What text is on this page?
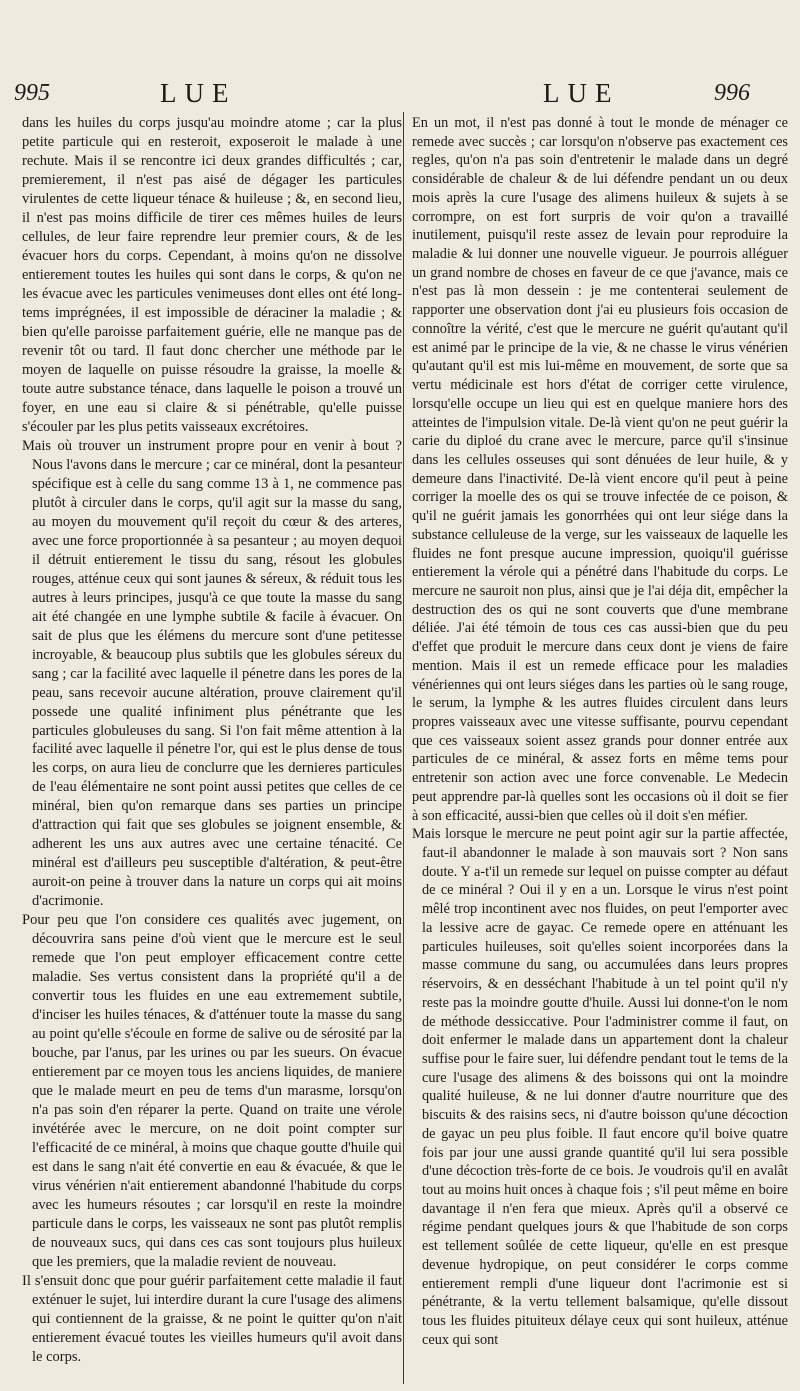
995	LUE	LUE	996

dans les huiles du corps jusqu'au moindre atome ; car la plus petite particule qui en resteroit, exposeroit le malade à une rechute. Mais il se rencontre ici deux grandes difficultés ; car, premierement, il n'est pas aisé de dégager les particules virulentes de cette liqueur ténace & huileuse ; &, en second lieu, il n'est pas moins difficile de tirer ces mêmes huiles de leurs cellules, de leur faire reprendre leur premier cours, & de les évacuer hors du corps. Cependant, à moins qu'on ne dissolve entierement toutes les huiles qui sont dans le corps, & qu'on ne les évacue avec les particules venimeuses dont elles ont été long-tems imprégnées, il est impossible de déraciner la maladie ; & bien qu'elle paroisse parfaitement guérie, elle ne manque pas de revenir tôt ou tard. Il faut donc chercher une méthode par le moyen de laquelle on puisse résoudre la graisse, la moelle & toute autre substance ténace, dans laquelle le poison a trouvé un foyer, en une eau si claire & si pénétrable, qu'elle puisse s'écouler par les plus petits vaisseaux excrétoires.

Mais où trouver un instrument propre pour en venir à bout ? Nous l'avons dans le mercure ; car ce minéral, dont la pesanteur spécifique est à celle du sang comme 13 à 1, ne commence pas plutôt à circuler dans le corps, qu'il agit sur la masse du sang, au moyen du mouvement qu'il reçoit du cœur & des arteres, avec une force proportionnée à sa pesanteur ; au moyen dequoi il détruit entierement le tissu du sang, résout les globules rouges, atténue ceux qui sont jaunes & séreux, & réduit tous les autres à leurs principes, jusqu'à ce que toute la masse du sang ait été changée en une lymphe subtile & facile à évacuer. On sait de plus que les élémens du mercure sont d'une petitesse incroyable, & beaucoup plus subtils que les globules séreux du sang ; car la facilité avec laquelle il pénetre dans les pores de la peau, sans recevoir aucune altération, prouve clairement qu'il possede une qualité infiniment plus pénétrante que les particules globuleuses du sang. Si l'on fait même attention à la facilité avec laquelle il pénetre l'or, qui est le plus dense de tous les corps, on aura lieu de conclurre que les dernieres particules de l'eau élémentaire ne sont point aussi petites que celles de ce minéral, bien qu'on remarque dans ses parties un principe d'attraction qui fait que ses globules se joignent ensemble, & adherent les uns aux autres avec une certaine ténacité. Ce minéral est d'ailleurs peu susceptible d'altération, & peut-être auroit-on peine à trouver dans la nature un corps qui ait moins d'acrimonie.

Pour peu que l'on considere ces qualités avec jugement, on découvrira sans peine d'où vient que le mercure est le seul remede que l'on peut employer efficacement contre cette maladie. Ses vertus consistent dans la propriété qu'il a de convertir tous les fluides en une eau extremement subtile, d'inciser les huiles ténaces, & d'atténuer toute la masse du sang au point qu'elle s'écoule en forme de salive ou de sérosité par la bouche, par l'anus, par les urines ou par les sueurs. On évacue entierement par ce moyen tous les anciens liquides, de maniere que le malade meurt en peu de tems d'un marasme, lorsqu'on n'a pas soin d'en réparer la perte. Quand on traite une vérole invétérée avec le mercure, on ne doit point compter sur l'efficacité de ce minéral, à moins que chaque goutte d'huile qui est dans le sang n'ait été convertie en eau & évacuée, & que le virus vénérien n'ait entierement abandonné l'habitude du corps avec les humeurs résoutes ; car lorsqu'il en reste la moindre particule dans le corps, les vaisseaux ne sont pas plutôt remplis de nouveaux sucs, qui dans ces cas sont toujours plus huileux que les premiers, que la maladie revient de nouveau.

Il s'ensuit donc que pour guérir parfaitement cette maladie il faut exténuer le sujet, lui interdire durant la cure l'usage des alimens qui contiennent de la graisse, & ne point le quitter qu'on n'ait entierement évacué toutes les vieilles humeurs qu'il avoit dans le corps.

En un mot, il n'est pas donné à tout le monde de ménager ce remede avec succès ; car lorsqu'on n'observe pas exactement ces regles, qu'on n'a pas soin d'entretenir le malade dans un degré considérable de chaleur & de lui défendre pendant un ou deux mois après la cure l'usage des alimens huileux & sujets à se corrompre, on est fort surpris de voir qu'on a travaillé inutilement, puisqu'il reste assez de levain pour reproduire la maladie & lui donner une nouvelle vigueur. Je pourrois alléguer un grand nombre de choses en faveur de ce que j'avance, mais ce n'est pas là mon dessein : je me contenterai seulement de rapporter une observation dont j'ai eu plusieurs fois occasion de connoître la vérité, c'est que le mercure ne guérit qu'autant qu'il est animé par le principe de la vie, & ne chasse le virus vénérien qu'autant qu'il est mis lui-même en mouvement, de sorte que sa vertu médicinale est hors d'état de corriger cette virulence, lorsqu'elle occupe un lieu qui est en quelque maniere hors des atteintes de l'impulsion vitale. De-là vient qu'on ne peut guérir la carie du diploé du crane avec le mercure, parce qu'il s'insinue dans les cellules osseuses qui sont dénuées de leur huile, & y demeure dans l'inactivité. De-là vient encore qu'il peut à peine corriger la moelle des os qui se trouve infectée de ce poison, & qu'il ne guérit jamais les gonorrhées qui ont leur siége dans la substance celluleuse de la verge, sur les vaisseaux de laquelle les fluides ne font presque aucune impression, quoiqu'il guérisse entierement la vérole qui a pénétré dans l'habitude du corps. Le mercure ne sauroit non plus, ainsi que je l'ai déja dit, empêcher la destruction des os qui ne sont couverts que d'une membrane déliée. J'ai été témoin de tous ces cas aussi-bien que du peu d'effet que produit le mercure dans ceux dont je viens de faire mention. Mais il est un remede efficace pour les maladies vénériennes qui ont leurs siéges dans les parties où le sang rouge, le serum, la lymphe & les autres fluides circulent dans leurs propres vaisseaux avec une vitesse suffisante, pourvu cependant que ces vaisseaux soient assez grands pour donner entrée aux particules de ce minéral, & assez forts en même tems pour entretenir son action avec une force convenable. Le Medecin peut apprendre par-là quelles sont les occasions où il doit se fier à son efficacité, aussi-bien que celles où il doit s'en méfier.

Mais lorsque le mercure ne peut point agir sur la partie affectée, faut-il abandonner le malade à son mauvais sort ? Non sans doute. Y a-t'il un remede sur lequel on puisse compter au défaut de ce minéral ? Oui il y en a un. Lorsque le virus n'est point mêlé trop incontinent avec nos fluides, on peut l'emporter avec la lessive acre de gayac. Ce remede opere en atténuant les particules huileuses, soit qu'elles soient incorporées dans la masse commune du sang, ou accumulées dans leurs propres réservoirs, & en desséchant l'habitude à un tel point qu'il n'y reste pas la moindre goutte d'huile. Aussi lui donne-t'on le nom de méthode dessiccative. Pour l'administrer comme il faut, on doit enfermer le malade dans un appartement dont la chaleur suffise pour le faire suer, lui défendre pendant tout le tems de la cure l'usage des alimens & des boissons qui ont la moindre qualité huileuse, & ne lui donner d'autre nourriture que des biscuits & des raisins secs, ni d'autre boisson qu'une décoction de gayac un peu plus foible. Il faut encore qu'il boive quatre fois par jour une aussi grande quantité qu'il lui sera possible d'une décoction très-forte de ce bois. Je voudrois qu'il en avalât tout au moins huit onces à chaque fois ; s'il peut même en boire davantage il n'en fera que mieux. Après qu'il a observé ce régime pendant quelques jours & que l'habitude de son corps est tellement soûlée de cette liqueur, qu'elle en est presque devenue hydropique, on peut considérer le corps comme entierement rempli d'une liqueur dont l'acrimonie est si pénétrante, & la vertu tellement balsamique, qu'elle dissout tous les fluides pituiteux délaye ceux qui sont huileux, atténue ceux qui sont
